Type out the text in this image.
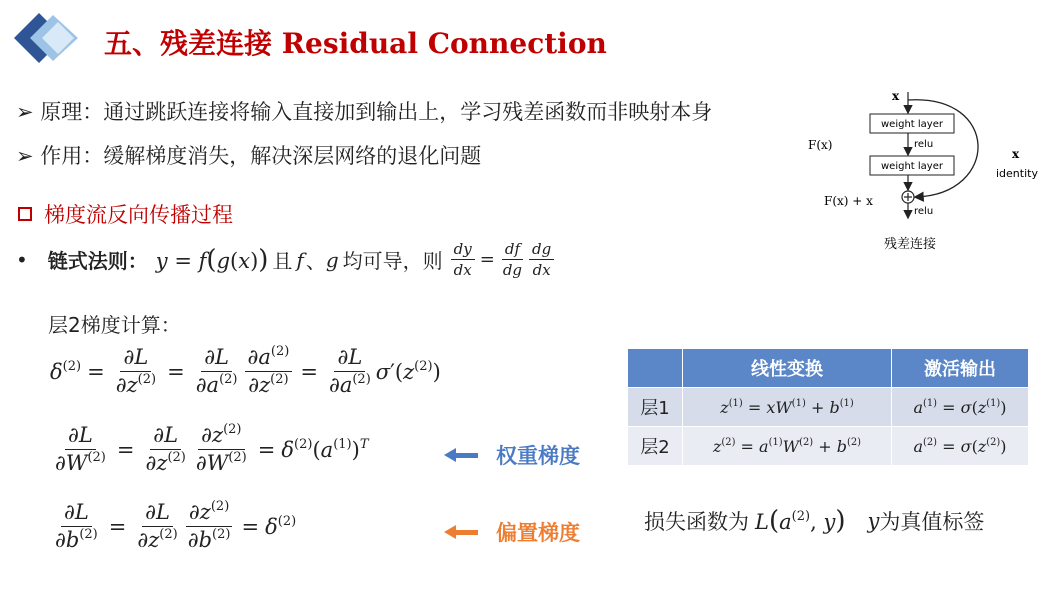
五、残差连接 Residual Connection
➢ 原理：通过跳跃连接将输入直接加到输出上，学习残差函数而非映射本身
➢ 作用：缓解梯度消失，解决深层网络的退化问题
梯度流反向传播过程
• 链式法则： y = f(g(x)) 且 f 、 g 均可导，则 $\frac{dy}{dx} = \frac{df}{dg} \frac{dg}{dx}$
层2梯度计算：
$\delta^{(2)} = \frac{\partial L}{\partial z^{(2)}} = \frac{\partial L}{\partial a^{(2)}} \frac{\partial a^{(2)}}{\partial z^{(2)}} = \frac{\partial L}{\partial a^{(2)}} \sigma'(z^{(2)})$
$\frac{\partial L}{\partial W^{(2)}} = \frac{\partial L}{\partial z^{(2)}} \frac{\partial z^{(2)}}{\partial W^{(2)}} = \delta^{(2)}(a^{(1)})^T$	权重梯度
$\frac{\partial L}{\partial b^{(2)}} = \frac{\partial L}{\partial z^{(2)}} \frac{\partial z^{(2)}}{\partial b^{(2)}} = \delta^{(2)}$	偏置梯度
x
weight layer
relu
F(x)
weight layer
relu
F(x) + x
x
identity
残差连接
	线性变换	激活输出
层1	$z^{(1)} = xW^{(1)} + b^{(1)}$	$a^{(1)} = \sigma(z^{(1)})$
层2	$z^{(2)} = a^{(1)}W^{(2)} + b^{(2)}$	$a^{(2)} = \sigma(z^{(2)})$
损失函数为 $L(a^{(2)}$, y) y 为真值标签
